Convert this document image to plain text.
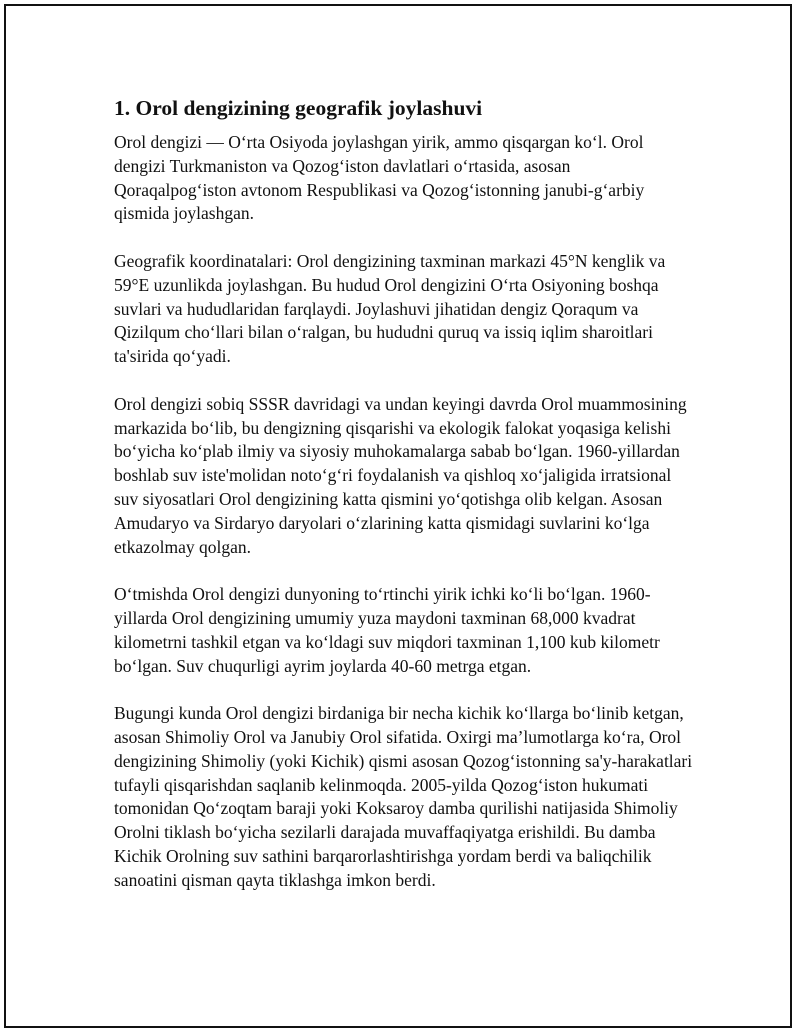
1. Orol dengizining geografik joylashuvi

Orol dengizi — O‘rta Osiyoda joylashgan yirik, ammo qisqargan ko‘l. Orol dengizi Turkmaniston va Qozog‘iston davlatlari o‘rtasida, asosan Qoraqalpog‘iston avtonom Respublikasi va Qozog‘istonning janubi-g‘arbiy qismida joylashgan.

Geografik koordinatalari: Orol dengizining taxminan markazi 45°N kenglik va 59°E uzunlikda joylashgan. Bu hudud Orol dengizini O‘rta Osiyoning boshqa suvlari va hududlaridan farqlaydi. Joylashuvi jihatidan dengiz Qoraqum va Qizilqum cho‘llari bilan o‘ralgan, bu hududni quruq va issiq iqlim sharoitlari ta'sirida qo‘yadi.

Orol dengizi sobiq SSSR davridagi va undan keyingi davrda Orol muammosining markazida bo‘lib, bu dengizning qisqarishi va ekologik falokat yoqasiga kelishi bo‘yicha ko‘plab ilmiy va siyosiy muhokamalarga sabab bo‘lgan. 1960-yillardan boshlab suv iste'molidan noto‘g‘ri foydalanish va qishloq xo‘jaligida irratsional suv siyosatlari Orol dengizining katta qismini yo‘qotishga olib kelgan. Asosan Amudaryo va Sirdaryo daryolari o‘zlarining katta qismidagi suvlarini ko‘lga etkazolmay qolgan.

O‘tmishda Orol dengizi dunyoning to‘rtinchi yirik ichki ko‘li bo‘lgan. 1960-yillarda Orol dengizining umumiy yuza maydoni taxminan 68,000 kvadrat kilometrni tashkil etgan va ko‘ldagi suv miqdori taxminan 1,100 kub kilometr bo‘lgan. Suv chuqurligi ayrim joylarda 40-60 metrga etgan.

Bugungi kunda Orol dengizi birdaniga bir necha kichik ko‘llarga bo‘linib ketgan, asosan Shimoliy Orol va Janubiy Orol sifatida. Oxirgi ma’lumotlarga ko‘ra, Orol dengizining Shimoliy (yoki Kichik) qismi asosan Qozog‘istonning sa'y-harakatlari tufayli qisqarishdan saqlanib kelinmoqda. 2005-yilda Qozog‘iston hukumati tomonidan Qo‘zoqtam baraji yoki Koksaroy damba qurilishi natijasida Shimoliy Orolni tiklash bo‘yicha sezilarli darajada muvaffaqiyatga erishildi. Bu damba Kichik Orolning suv sathini barqarorlashtirishga yordam berdi va baliqchilik sanoatini qisman qayta tiklashga imkon berdi.
